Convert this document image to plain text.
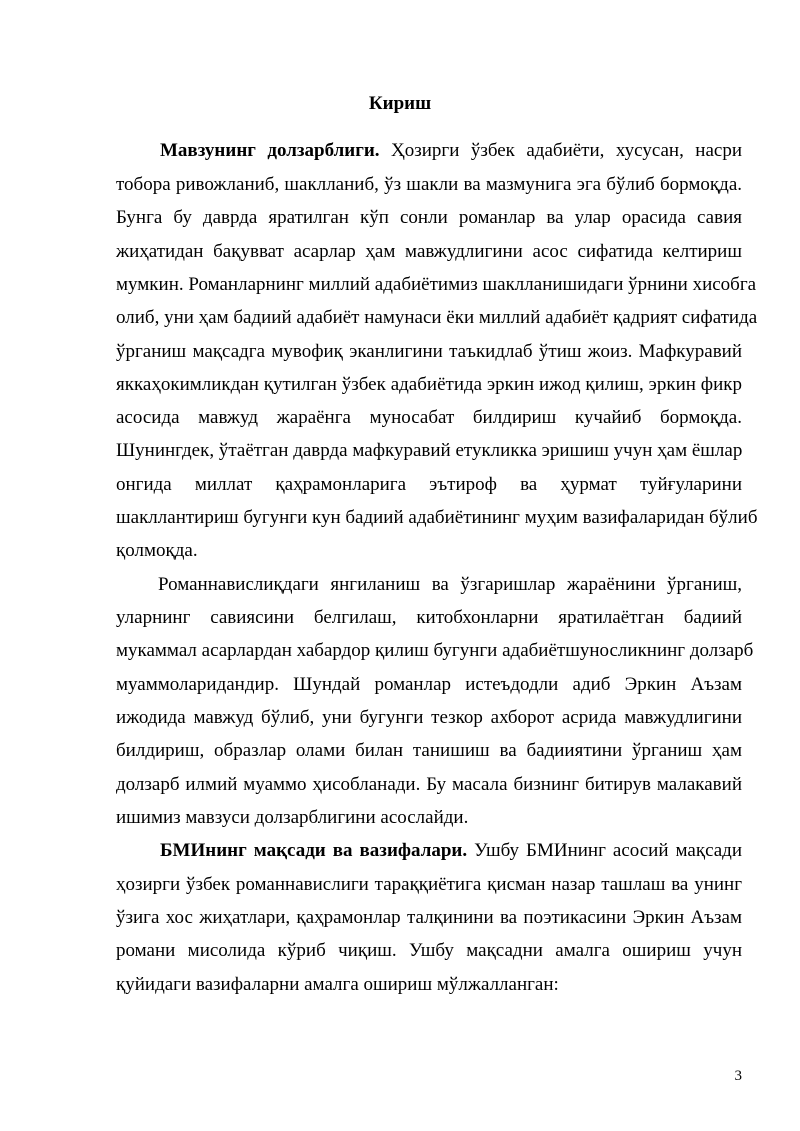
Кириш
Мавзунинг долзарблиги. Ҳозирги ўзбек адабиёти, хусусан, насри
тобора ривожланиб, шаклланиб, ўз шакли ва мазмунига эга бўлиб бормоқда.
Бунга бу даврда яратилган кўп сонли романлар ва улар орасида савия
жиҳатидан бақувват асарлар ҳам мавжудлигини асос сифатида келтириш
мумкин. Романларнинг миллий адабиётимиз шаклланишидаги ўрнини хисобга
олиб, уни ҳам бадиий адабиёт намунаси ёки миллий адабиёт қадрият сифатида
ўрганиш мақсадга мувофиқ эканлигини таъкидлаб ўтиш жоиз. Мафкуравий
яккаҳокимликдан қутилган ўзбек адабиётида эркин ижод қилиш, эркин фикр
асосида мавжуд жараёнга муносабат билдириш кучайиб бормоқда.
Шунингдек, ўтаётган даврда мафкуравий етукликка эришиш учун ҳам ёшлар
онгида миллат қаҳрамонларига эътироф ва ҳурмат туйғуларини
шакллантириш бугунги кун бадиий адабиётининг муҳим вазифаларидан бўлиб
қолмоқда.
Романнавислиқдаги янгиланиш ва ўзгаришлар жараёнини ўрганиш,
уларнинг савиясини белгилаш, китобхонларни яратилаётган бадиий
мукаммал асарлардан хабардор қилиш бугунги адабиётшуносликнинг долзарб
муаммоларидандир. Шундай романлар истеъдодли адиб Эркин Аъзам
ижодида мавжуд бўлиб, уни бугунги тезкор ахборот асрида мавжудлигини
билдириш, образлар олами билан танишиш ва бадииятини ўрганиш ҳам
долзарб илмий муаммо ҳисобланади. Бу масала бизнинг битирув малакавий
ишимиз мавзуси долзарблигини асослайди.
БМИнинг мақсади ва вазифалари. Ушбу БМИнинг асосий мақсади
ҳозирги ўзбек романнавислиги тараққиётига қисман назар ташлаш ва унинг
ўзига хос жиҳатлари, қаҳрамонлар талқинини ва поэтикасини Эркин Аъзам
романи мисолида кўриб чиқиш. Ушбу мақсадни амалга ошириш учун
қуйидаги вазифаларни амалга ошириш мўлжалланган:
3
